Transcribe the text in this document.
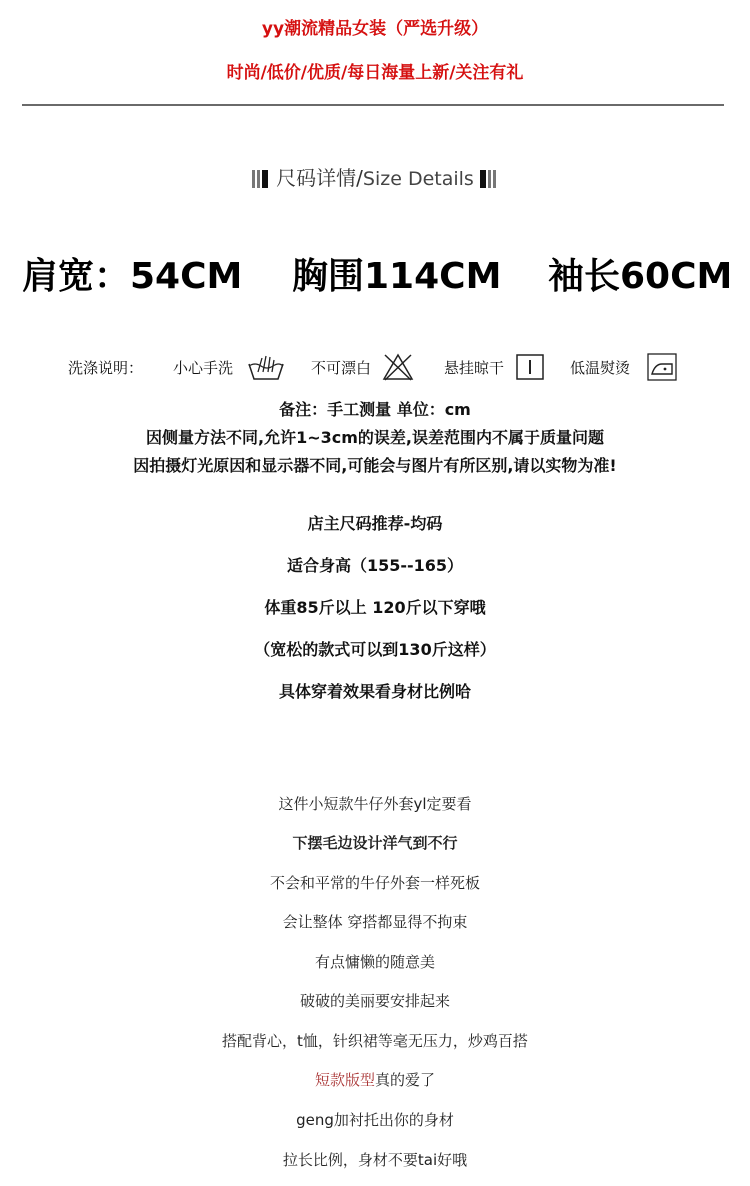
yy潮流精品女装（严选升级）
时尚/低价/优质/每日海量上新/关注有礼
尺码详情/Size Details
肩宽：54CM 胸围114CM 袖长60CM
洗涤说明： 小心手洗	不可漂白	悬挂晾干	低温熨烫
备注：手工测量 单位：cm
因侧量方法不同,允许1~3cm的误差,误差范围内不属于质量问题
因拍摄灯光原因和显示器不同,可能会与图片有所区别,请以实物为准!
店主尺码推荐-均码
适合身高（155--165）
体重85斤以上 120斤以下穿哦
（宽松的款式可以到130斤这样）
具体穿着效果看身材比例哈
这件小短款牛仔外套yl定要看
下摆毛边设计洋气到不行
不会和平常的牛仔外套一样死板
会让整体 穿搭都显得不拘束
有点慵懒的随意美
破破的美丽要安排起来
搭配背心，t恤，针织裙等毫无压力，炒鸡百搭
短款版型真的爱了
geng加衬托出你的身材
拉长比例，身材不要tai好哦
